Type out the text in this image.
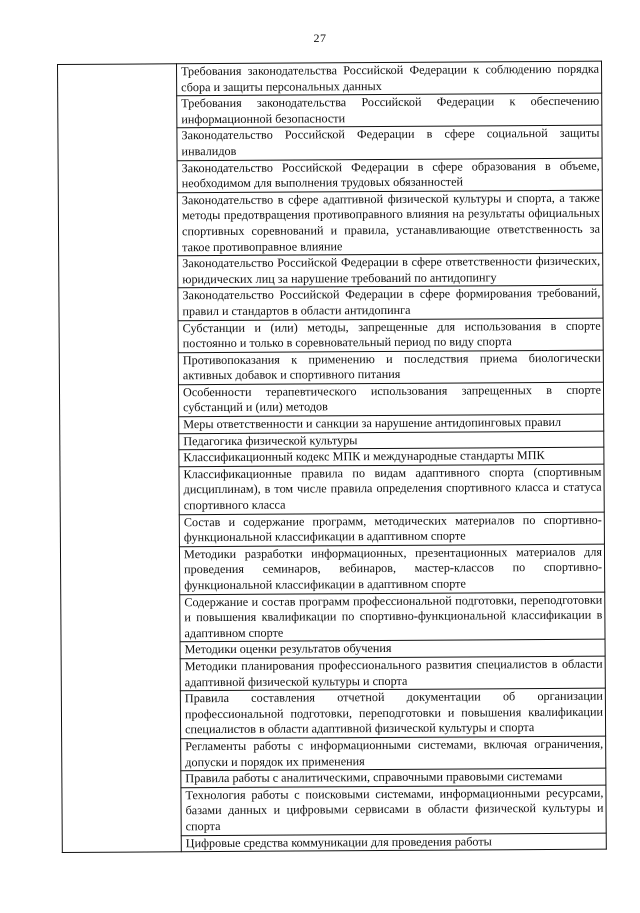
27

Требования законодательства Российской Федерации к соблюдению порядка сбора и защиты персональных данных

Требования законодательства Российской Федерации к обеспечению информационной безопасности

Законодательство Российской Федерации в сфере социальной защиты инвалидов

Законодательство Российской Федерации в сфере образования в объеме, необходимом для выполнения трудовых обязанностей

Законодательство в сфере адаптивной физической культуры и спорта, а также методы предотвращения противоправного влияния на результаты официальных спортивных соревнований и правила, устанавливающие ответственность за такое противоправное влияние

Законодательство Российской Федерации в сфере ответственности физических, юридических лиц за нарушение требований по антидопингу

Законодательство Российской Федерации в сфере формирования требований, правил и стандартов в области антидопинга

Субстанции и (или) методы, запрещенные для использования в спорте постоянно и только в соревновательный период по виду спорта

Противопоказания к применению и последствия приема биологически активных добавок и спортивного питания

Особенности терапевтического использования запрещенных в спорте субстанций и (или) методов

Меры ответственности и санкции за нарушение антидопинговых правил

Педагогика физической культуры

Классификационный кодекс МПК и международные стандарты МПК

Классификационные правила по видам адаптивного спорта (спортивным дисциплинам), в том числе правила определения спортивного класса и статуса спортивного класса

Состав и содержание программ, методических материалов по спортивно-функциональной классификации в адаптивном спорте

Методики разработки информационных, презентационных материалов для проведения семинаров, вебинаров, мастер-классов по спортивно-функциональной классификации в адаптивном спорте

Содержание и состав программ профессиональной подготовки, переподготовки и повышения квалификации по спортивно-функциональной классификации в адаптивном спорте

Методики оценки результатов обучения

Методики планирования профессионального развития специалистов в области адаптивной физической культуры и спорта

Правила составления отчетной документации об организации профессиональной подготовки, переподготовки и повышения квалификации специалистов в области адаптивной физической культуры и спорта

Регламенты работы с информационными системами, включая ограничения, допуски и порядок их применения

Правила работы с аналитическими, справочными правовыми системами

Технология работы с поисковыми системами, информационными ресурсами, базами данных и цифровыми сервисами в области физической культуры и спорта

Цифровые средства коммуникации для проведения работы
